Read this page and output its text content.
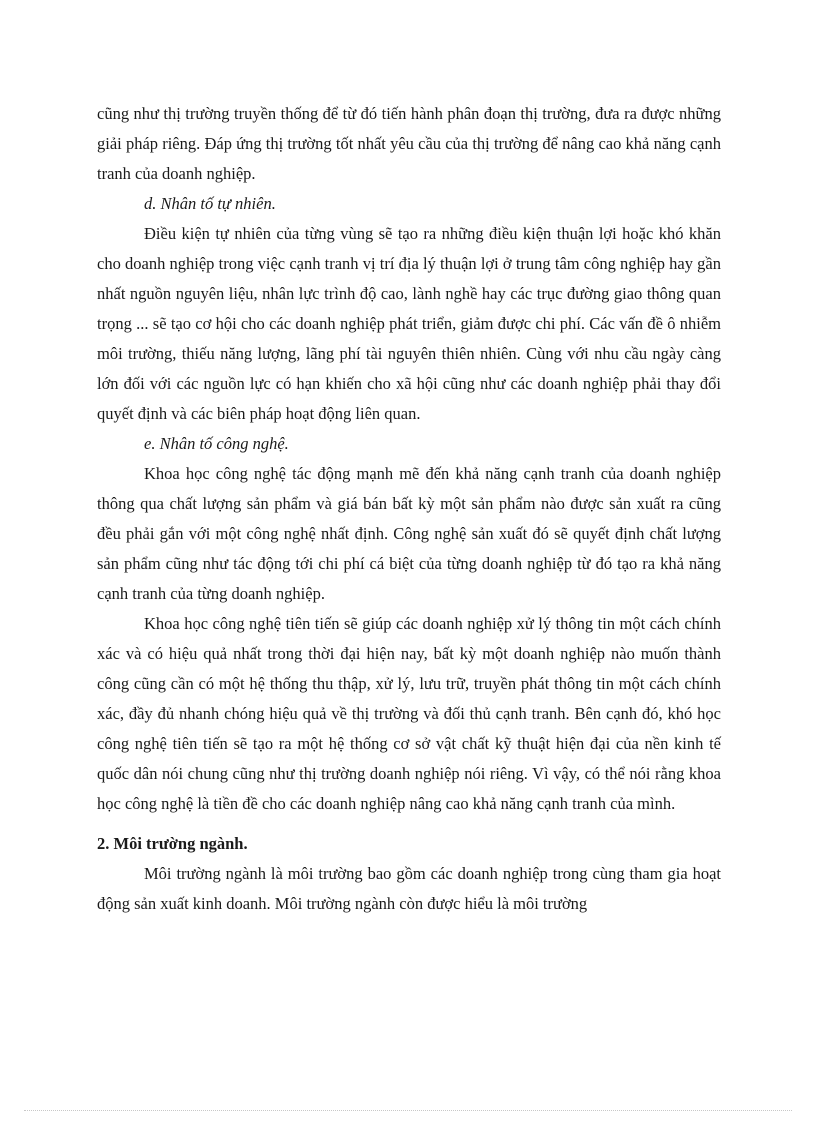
cũng như thị trường truyền thống để từ đó tiến hành phân đoạn thị trường, đưa ra được những giải pháp riêng. Đáp ứng thị trường tốt nhất yêu cầu của thị trường để nâng cao khả năng cạnh tranh của doanh nghiệp.

d. Nhân tố tự nhiên.

Điều kiện tự nhiên của từng vùng sẽ tạo ra những điều kiện thuận lợi hoặc khó khăn cho doanh nghiệp trong việc cạnh tranh vị trí địa lý thuận lợi ở trung tâm công nghiệp hay gần nhất nguồn nguyên liệu, nhân lực trình độ cao, lành nghề hay các trục đường giao thông quan trọng ... sẽ tạo cơ hội cho các doanh nghiệp phát triển, giảm được chi phí. Các vấn đề ô nhiễm môi trường, thiếu năng lượng, lãng phí tài nguyên thiên nhiên. Cùng với nhu cầu ngày càng lớn đối với các nguồn lực có hạn khiến cho xã hội cũng như các doanh nghiệp phải thay đổi quyết định và các biên pháp hoạt động liên quan.

e. Nhân tố công nghệ.

Khoa học công nghệ tác động mạnh mẽ đến khả năng cạnh tranh của doanh nghiệp thông qua chất lượng sản phẩm và giá bán bất kỳ một sản phẩm nào được sản xuất ra cũng đều phải gắn với một công nghệ nhất định. Công nghệ sản xuất đó sẽ quyết định chất lượng sản phẩm cũng như tác động tới chi phí cá biệt của từng doanh nghiệp từ đó tạo ra khả năng cạnh tranh của từng doanh nghiệp.

Khoa học công nghệ tiên tiến sẽ giúp các doanh nghiệp xử lý thông tin một cách chính xác và có hiệu quả nhất trong thời đại hiện nay, bất kỳ một doanh nghiệp nào muốn thành công cũng cần có một hệ thống thu thập, xử lý, lưu trữ, truyền phát thông tin một cách chính xác, đầy đủ nhanh chóng hiệu quả về thị trường và đối thủ cạnh tranh. Bên cạnh đó, khó học công nghệ tiên tiến sẽ tạo ra một hệ thống cơ sở vật chất kỹ thuật hiện đại của nền kinh tế quốc dân nói chung cũng như thị trường doanh nghiệp nói riêng. Vì vậy, có thể nói rằng khoa học công nghệ là tiền đề cho các doanh nghiệp nâng cao khả năng cạnh tranh của mình.

2. Môi trường ngành.

Môi trường ngành là môi trường bao gồm các doanh nghiệp trong cùng tham gia hoạt động sản xuất kinh doanh. Môi trường ngành còn được hiểu là môi trường
